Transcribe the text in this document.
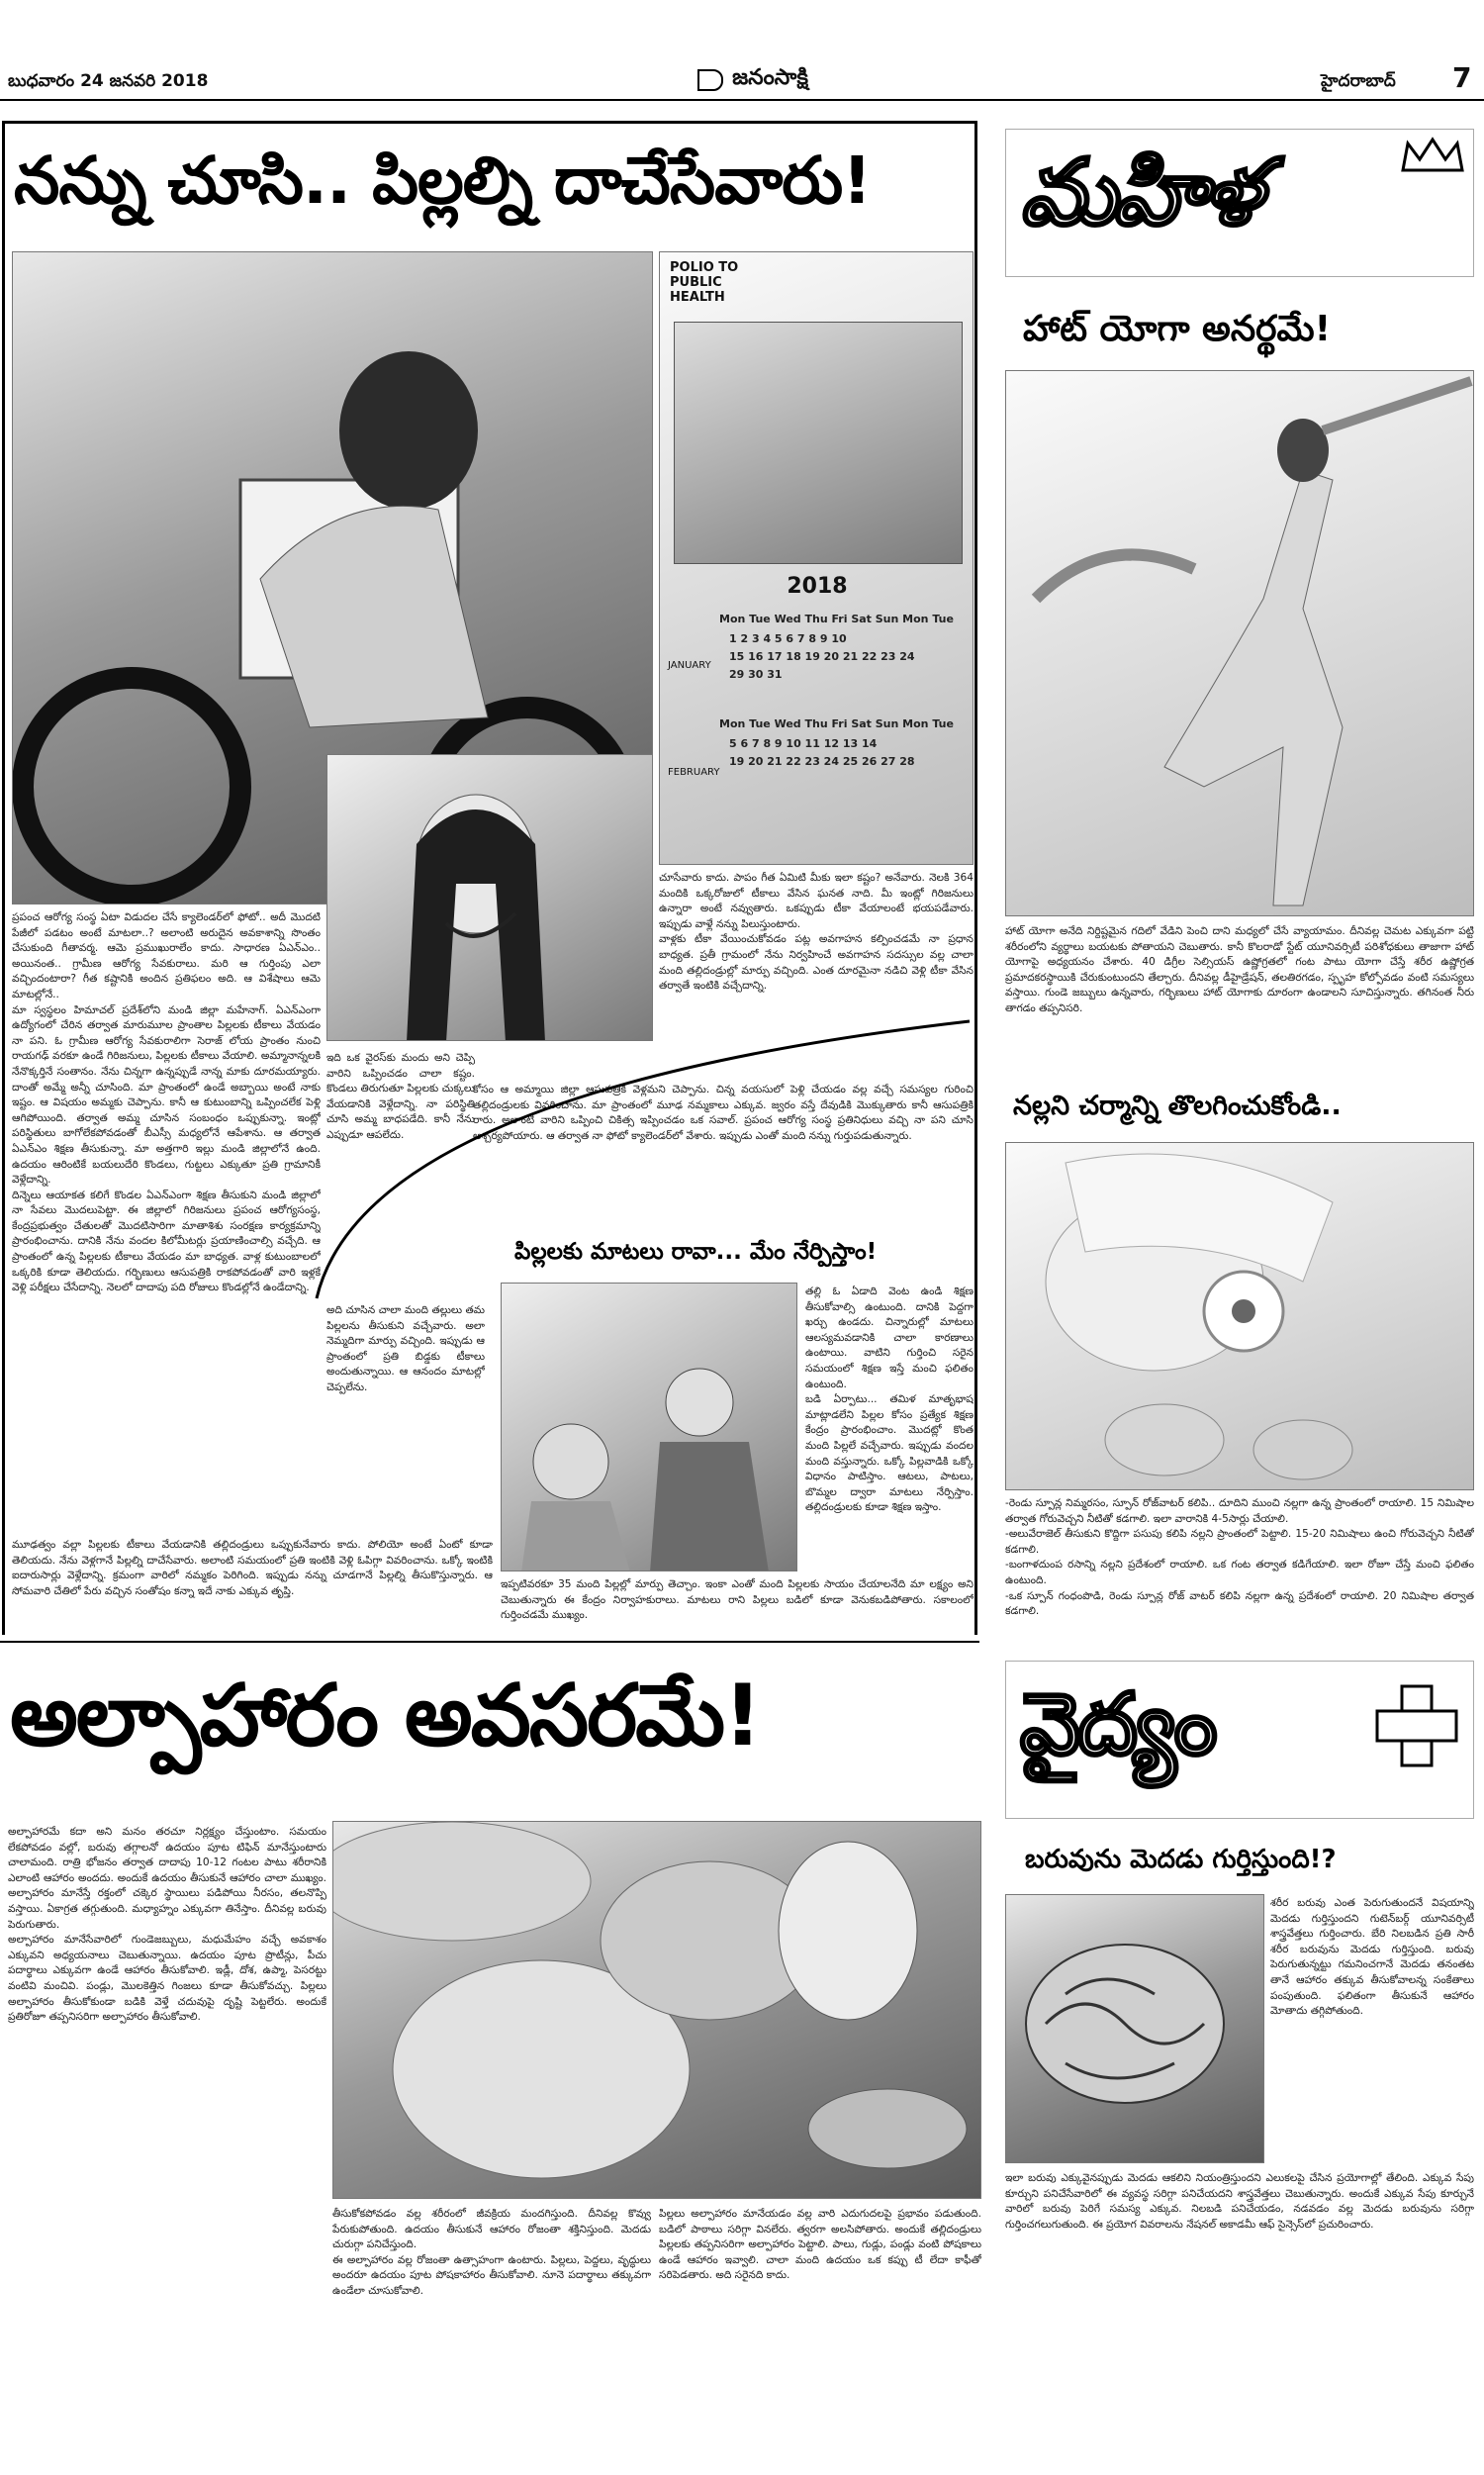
బుధవారం 24 జనవరి 2018	జనంసాక్షి	హైదరాబాద్ 7
నన్ను చూసి.. పిల్లల్ని దాచేసేవారు!
POLIO TO PUBLIC HEALTH
2018
Mon Tue Wed Thu Fri Sat Sun Mon Tue
1 2 3 4 5 6 7 8 9 10
15 16 17 18 19 20 21 22 23 24
29 30 31
Mon Tue Wed Thu Fri Sat Sun Mon Tue
5 6 7 8 9 10 11 12 13 14
19 20 21 22 23 24 25 26 27 28
JANUARY
FEBRUARY
ప్రపంచ ఆరోగ్య సంస్థ ఏటా విడుదల చేసే క్యాలెండర్‌లో ఫోటో.. అదీ మొదటి పేజీలో పడటం అంటే మాటలా..? అలాంటి అరుదైన అవకాశాన్ని సొంతం చేసుకుంది గీతావర్మ. ఆమె ప్రముఖురాలేం కాదు. సాధారణ ఏఎన్‌ఎం.. అయినంత.. గ్రామీణ ఆరోగ్య సేవకురాలు. మరి ఆ గుర్తింపు ఎలా వచ్చిందంటారా? గీత కష్టానికి అందిన ప్రతిఫలం అది. ఆ విశేషాలు ఆమె మాటల్లోనే..
మా స్వస్థలం హిమాచల్ ప్రదేశ్‌లోని మండి జిల్లా మహేనాగ్. ఏఎన్‌ఎంగా ఉద్యోగంలో చేరిన తర్వాత మారుమూల ప్రాంతాల పిల్లలకు టీకాలు వేయడం నా పని. ఓ గ్రామీణ ఆరోగ్య సేవకురాలిగా సెరాజ్ లోయ ప్రాంతం నుంచి రాయగఢ్ వరకూ ఉండే గిరిజనులు, పిల్లలకు టీకాలు వేయాలి. అమ్మానాన్నలకి నేనొక్కర్తినే సంతానం. నేను చిన్నగా ఉన్నప్పుడే నాన్న మాకు దూరమయ్యారు. దాంతో అమ్మే అన్నీ చూసింది. మా ప్రాంతంలో ఉండే అబ్బాయి అంటే నాకు ఇష్టం. ఆ విషయం అమ్మకు చెప్పాను. కానీ ఆ కుటుంబాన్ని ఒప్పించలేక పెళ్లి ఆగిపోయింది. తర్వాత అమ్మ చూసిన సంబంధం ఒప్పుకున్నా. ఇంట్లో పరిస్థితులు బాగోలేకపోవడంతో బీఎస్సీ మధ్యలోనే ఆపేశాను. ఆ తర్వాత ఏఎన్‌ఎం శిక్షణ తీసుకున్నా. మా అత్తగారి ఇల్లు మండి జిల్లాలోనే ఉంది. ఉదయం ఆరింటికే బయలుదేరి కొండలు, గుట్టలు ఎక్కుతూ ప్రతి గ్రామానికీ వెళ్లేదాన్ని.
దిన్నెలు ఆయాకత కలిగే కొండల ఏఎన్‌ఎంగా శిక్షణ తీసుకుని మండి జిల్లాలో నా సేవలు మొదలుపెట్టా. ఈ జిల్లాలో గిరిజనులు ప్రపంచ ఆరోగ్యసంస్థ, కేంద్రప్రభుత్వం చేతులతో మొదటిసారిగా మాతాశిశు సంరక్షణ కార్యక్రమాన్ని ప్రారంభించాను. దానికి నేను వందల కిలోమీటర్లు ప్రయాణించాల్సి వచ్చేది. ఆ ప్రాంతంలో ఉన్న పిల్లలకు టీకాలు వేయడం మా బాధ్యత. వాళ్ల కుటుంబాలలో ఒక్కరికి కూడా తెలియదు. గర్భిణులు ఆసుపత్రికి రాకపోవడంతో వారి ఇళ్లకే వెళ్లి పరీక్షలు చేసేదాన్ని. నెలలో దాదాపు పది రోజులు కొండల్లోనే ఉండేదాన్ని.
చూసేవారు కాదు. పాపం గీత ఏమిటి మీకు ఇలా కష్టం? అనేవారు. నెలకి 364 మందికి ఒక్కరోజులో టీకాలు వేసిన ఘనత నాది. మీ ఇంట్లో గిరిజనులు ఉన్నారా అంటే నవ్వుతారు. ఒకప్పుడు టీకా వేయాలంటే భయపడేవారు. ఇప్పుడు వాళ్లే నన్ను పిలుస్తుంటారు.
వాళ్లకు టీకా వేయించుకోవడం పట్ల అవగాహన కల్పించడమే నా ప్రధాన బాధ్యత. ప్రతీ గ్రామంలో నేను నిర్వహించే అవగాహన సదస్సుల వల్ల చాలా మంది తల్లిదండ్రుల్లో మార్పు వచ్చింది. ఎంత దూరమైనా నడిచి వెళ్లి టీకా వేసిన తర్వాతే ఇంటికి వచ్చేదాన్ని.
కోసం ఆ అమ్మాయి జిల్లా ఆసుపత్రికి వెళ్లమని చెప్పాను. చిన్న వయసులో పెళ్లి చేయడం వల్ల వచ్చే సమస్యల గురించి తల్లిదండ్రులకు వివరించాను. మా ప్రాంతంలో మూఢ నమ్మకాలు ఎక్కువ. జ్వరం వస్తే దేవుడికి మొక్కుతారు కానీ ఆసుపత్రికి రారు. అలాంటి వారిని ఒప్పించి చికిత్స ఇప్పించడం ఒక సవాల్. ప్రపంచ ఆరోగ్య సంస్థ ప్రతినిధులు వచ్చి నా పని చూసి ఆశ్చర్యపోయారు. ఆ తర్వాత నా ఫోటో క్యాలెండర్‌లో వేశారు. ఇప్పుడు ఎంతో మంది నన్ను గుర్తుపడుతున్నారు.
ఇది ఒక వైరస్‌కు మందు అని చెప్పి వారిని ఒప్పించడం చాలా కష్టం. కొండలు తిరుగుతూ పిల్లలకు చుక్కలు వేయడానికి వెళ్లేదాన్ని. నా పరిస్థితి చూసి అమ్మ బాధపడేది. కానీ నేను ఎప్పుడూ ఆపలేదు.
అది చూసిన చాలా మంది తల్లులు తమ పిల్లలను తీసుకుని వచ్చేవారు. అలా నెమ్మదిగా మార్పు వచ్చింది. ఇప్పుడు ఆ ప్రాంతంలో ప్రతి బిడ్డకు టీకాలు అందుతున్నాయి. ఆ ఆనందం మాటల్లో చెప్పలేను.
పిల్లలకు మాటలు రావా... మేం నేర్పిస్తాం!
తల్లి ఓ ఏడాది వెంట ఉండి శిక్షణ తీసుకోవాల్సి ఉంటుంది. దానికి పెద్దగా ఖర్చు ఉండదు. చిన్నారుల్లో మాటలు ఆలస్యమవడానికి చాలా కారణాలు ఉంటాయి. వాటిని గుర్తించి సరైన సమయంలో శిక్షణ ఇస్తే మంచి ఫలితం ఉంటుంది.
బడి ఏర్పాటు... తమిళ మాతృభాష మాట్లాడలేని పిల్లల కోసం ప్రత్యేక శిక్షణ కేంద్రం ప్రారంభించాం. మొదట్లో కొంత మంది పిల్లలే వచ్చేవారు. ఇప్పుడు వందల మంది వస్తున్నారు. ఒక్కో పిల్లవాడికి ఒక్కో విధానం పాటిస్తాం. ఆటలు, పాటలు, బొమ్మల ద్వారా మాటలు నేర్పిస్తాం. తల్లిదండ్రులకు కూడా శిక్షణ ఇస్తాం.
ఇప్పటివరకూ 35 మంది పిల్లల్లో మార్పు తెచ్చాం. ఇంకా ఎంతో మంది పిల్లలకు సాయం చేయాలనేది మా లక్ష్యం అని చెబుతున్నారు ఈ కేంద్రం నిర్వాహకురాలు. మాటలు రాని పిల్లలు బడిలో కూడా వెనుకబడిపోతారు. సకాలంలో గుర్తించడమే ముఖ్యం.
మూఢత్వం వల్లా పిల్లలకు టీకాలు వేయడానికి తల్లిదండ్రులు ఒప్పుకునేవారు కాదు. పోలియో అంటే ఏంటో కూడా తెలియదు. నేను వెళ్లగానే పిల్లల్ని దాచేసేవారు. అలాంటి సమయంలో ప్రతి ఇంటికి వెళ్లి ఓపిగ్గా వివరించాను. ఒక్కో ఇంటికి ఐదారుసార్లు వెళ్లేదాన్ని. క్రమంగా వారిలో నమ్మకం పెరిగింది. ఇప్పుడు నన్ను చూడగానే పిల్లల్ని తీసుకొస్తున్నారు. ఆ సోమవారి చేతిలో పేరు వచ్చిన సంతోషం కన్నా ఇదే నాకు ఎక్కువ తృప్తి.
మహిళ
హాట్ యోగా అనర్థమే!
హాట్ యోగా అనేది నిర్దిష్టమైన గదిలో వేడిని పెంచి దాని మధ్యలో చేసే వ్యాయామం. దీనివల్ల చెమట ఎక్కువగా పట్టి శరీరంలోని వ్యర్థాలు బయటకు పోతాయని చెబుతారు. కానీ కొలరాడో స్టేట్ యూనివర్సిటీ పరిశోధకులు తాజాగా హాట్ యోగాపై అధ్యయనం చేశారు. 40 డిగ్రీల సెల్సియస్ ఉష్ణోగ్రతలో గంట పాటు యోగా చేస్తే శరీర ఉష్ణోగ్రత ప్రమాదకరస్థాయికి చేరుకుంటుందని తేల్చారు. దీనివల్ల డీహైడ్రేషన్, తలతిరగడం, స్పృహ కోల్పోవడం వంటి సమస్యలు వస్తాయి. గుండె జబ్బులు ఉన్నవారు, గర్భిణులు హాట్ యోగాకు దూరంగా ఉండాలని సూచిస్తున్నారు. తగినంత నీరు తాగడం తప్పనిసరి.
నల్లని చర్మాన్ని తొలగించుకోండి..
-రెండు స్పూన్ల నిమ్మరసం, స్పూన్ రోజ్‌వాటర్ కలిపి.. దూదిని ముంచి నల్లగా ఉన్న ప్రాంతంలో రాయాలి. 15 నిమిషాల తర్వాత గోరువెచ్చని నీటితో కడగాలి. ఇలా వారానికి 4-5సార్లు చేయాలి.
-అలువేరాజెల్ తీసుకుని కొద్దిగా పసుపు కలిపి నల్లని ప్రాంతంలో పెట్టాలి. 15-20 నిమిషాలు ఉంచి గోరువెచ్చని నీటితో కడగాలి.
-బంగాళదుంప రసాన్ని నల్లని ప్రదేశంలో రాయాలి. ఒక గంట తర్వాత కడిగేయాలి. ఇలా రోజూ చేస్తే మంచి ఫలితం ఉంటుంది.
-ఒక స్పూన్ గంధంపొడి, రెండు స్పూన్ల రోజ్ వాటర్ కలిపి నల్లగా ఉన్న ప్రదేశంలో రాయాలి. 20 నిమిషాల తర్వాత కడగాలి.
అల్పాహారం అవసరమే!
అల్పాహారమే కదా అని మనం తరచూ నిర్లక్ష్యం చేస్తుంటాం. సమయం లేకపోవడం వల్లో, బరువు తగ్గాలనో ఉదయం పూట టిఫిన్ మానేస్తుంటారు చాలామంది. రాత్రి భోజనం తర్వాత దాదాపు 10-12 గంటల పాటు శరీరానికి ఎలాంటి ఆహారం అందదు. అందుకే ఉదయం తీసుకునే ఆహారం చాలా ముఖ్యం. అల్పాహారం మానేస్తే రక్తంలో చక్కెర స్థాయిలు పడిపోయి నీరసం, తలనొప్పి వస్తాయి. ఏకాగ్రత తగ్గుతుంది. మధ్యాహ్నం ఎక్కువగా తినేస్తాం. దీనివల్ల బరువు పెరుగుతారు.
అల్పాహారం మానేసేవారిలో గుండెజబ్బులు, మధుమేహం వచ్చే అవకాశం ఎక్కువని అధ్యయనాలు చెబుతున్నాయి. ఉదయం పూట ప్రొటీన్లు, పీచు పదార్థాలు ఎక్కువగా ఉండే ఆహారం తీసుకోవాలి. ఇడ్లీ, దోశ, ఉప్మా, పెసరట్టు వంటివి మంచివి. పండ్లు, మొలకెత్తిన గింజలు కూడా తీసుకోవచ్చు. పిల్లలు అల్పాహారం తీసుకోకుండా బడికి వెళ్తే చదువుపై దృష్టి పెట్టలేరు. అందుకే ప్రతిరోజూ తప్పనిసరిగా అల్పాహారం తీసుకోవాలి.
తీసుకోకపోవడం వల్ల శరీరంలో జీవక్రియ మందగిస్తుంది. దీనివల్ల కొవ్వు పేరుకుపోతుంది. ఉదయం తీసుకునే ఆహారం రోజంతా శక్తినిస్తుంది. మెదడు చురుగ్గా పనిచేస్తుంది.
ఈ అల్పాహారం వల్ల రోజంతా ఉత్సాహంగా ఉంటారు. పిల్లలు, పెద్దలు, వృద్ధులు అందరూ ఉదయం పూట పోషకాహారం తీసుకోవాలి. నూనె పదార్థాలు తక్కువగా ఉండేలా చూసుకోవాలి.
పిల్లలు అల్పాహారం మానేయడం వల్ల వారి ఎదుగుదలపై ప్రభావం పడుతుంది. బడిలో పాఠాలు సరిగ్గా వినలేరు. త్వరగా అలసిపోతారు. అందుకే తల్లిదండ్రులు పిల్లలకు తప్పనిసరిగా అల్పాహారం పెట్టాలి. పాలు, గుడ్లు, పండ్లు వంటి పోషకాలు ఉండే ఆహారం ఇవ్వాలి. చాలా మంది ఉదయం ఒక కప్పు టీ లేదా కాఫీతో సరిపెడతారు. అది సరైనది కాదు.
వైద్యం
బరువును మెదడు గుర్తిస్తుంది!?
శరీర బరువు ఎంత పెరుగుతుందనే విషయాన్ని మెదడు గుర్తిస్తుందని గుటెన్‌బర్గ్ యూనివర్సిటీ శాస్త్రవేత్తలు గుర్తించారు. బేరి నిలబడిన ప్రతి సారీ శరీర బరువును మెదడు గుర్తిస్తుంది. బరువు పెరుగుతున్నట్టు గమనించగానే మెదడు తనంతట తానే ఆహారం తక్కువ తీసుకోవాలన్న సంకేతాలు పంపుతుంది. ఫలితంగా తీసుకునే ఆహారం మోతాదు తగ్గిపోతుంది.
ఇలా బరువు ఎక్కువైనప్పుడు మెదడు ఆకలిని నియంత్రిస్తుందని ఎలుకలపై చేసిన ప్రయోగాల్లో తేలింది. ఎక్కువ సేపు కూర్చుని పనిచేసేవారిలో ఈ వ్యవస్థ సరిగ్గా పనిచేయదని శాస్త్రవేత్తలు చెబుతున్నారు. అందుకే ఎక్కువ సేపు కూర్చునే వారిలో బరువు పెరిగే సమస్య ఎక్కువ. నిలబడి పనిచేయడం, నడవడం వల్ల మెదడు బరువును సరిగ్గా గుర్తించగలుగుతుంది. ఈ ప్రయోగ వివరాలను నేషనల్ అకాడమీ ఆఫ్ సైన్సెస్‌లో ప్రచురించారు.
